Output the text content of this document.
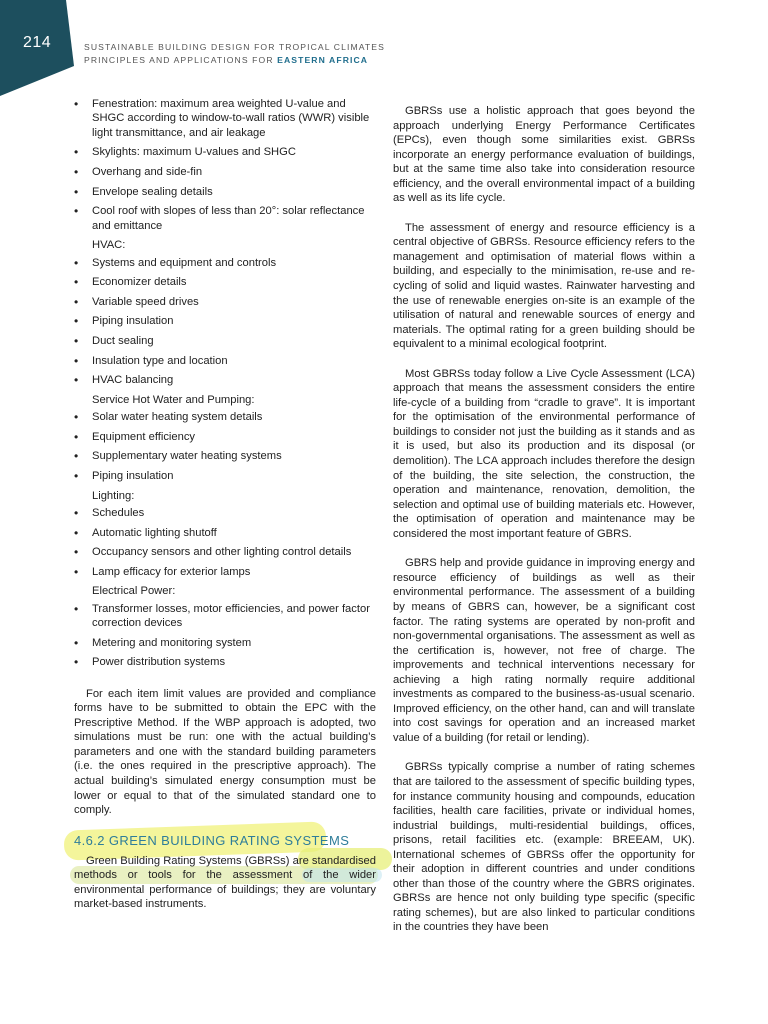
214	SUSTAINABLE BUILDING DESIGN FOR TROPICAL CLIMATES
PRINCIPLES AND APPLICATIONS FOR EASTERN AFRICA
• Fenestration: maximum area weighted U-value and SHGC according to window-to-wall ratios (WWR) visible light transmittance, and air leakage
• Skylights: maximum U-values and SHGC
• Overhang and side-fin
• Envelope sealing details
• Cool roof with slopes of less than 20°: solar reflectance and emittance
HVAC:
• Systems and equipment and controls
• Economizer details
• Variable speed drives
• Piping insulation
• Duct sealing
• Insulation type and location
• HVAC balancing
Service Hot Water and Pumping:
• Solar water heating system details
• Equipment efficiency
• Supplementary water heating systems
• Piping insulation
Lighting:
• Schedules
• Automatic lighting shutoff
• Occupancy sensors and other lighting control details
• Lamp efficacy for exterior lamps
Electrical Power:
• Transformer losses, motor efficiencies, and power factor correction devices
• Metering and monitoring system
• Power distribution systems

For each item limit values are provided and compliance forms have to be submitted to obtain the EPC with the Prescriptive Method. If the WBP approach is adopted, two simulations must be run: one with the actual building’s parameters and one with the standard building parameters (i.e. the ones required in the prescriptive approach). The actual building’s simulated energy consumption must be lower or equal to that of the simulated standard one to comply.

4.6.2 GREEN BUILDING RATING SYSTEMS

Green Building Rating Systems (GBRSs) are standardised methods or tools for the assessment of the wider environmental performance of buildings; they are voluntary market-based instruments.

GBRSs use a holistic approach that goes beyond the approach underlying Energy Performance Certificates (EPCs), even though some similarities exist. GBRSs incorporate an energy performance evaluation of buildings, but at the same time also take into consideration resource efficiency, and the overall environmental impact of a building as well as its life cycle.

The assessment of energy and resource efficiency is a central objective of GBRSs. Resource efficiency refers to the management and optimisation of material flows within a building, and especially to the minimisation, re-use and re-cycling of solid and liquid wastes. Rainwater harvesting and the use of renewable energies on-site is an example of the utilisation of natural and renewable sources of energy and materials. The optimal rating for a green building should be equivalent to a minimal ecological footprint.

Most GBRSs today follow a Live Cycle Assessment (LCA) approach that means the assessment considers the entire life-cycle of a building from “cradle to grave”. It is important for the optimisation of the environmental performance of buildings to consider not just the building as it stands and as it is used, but also its production and its disposal (or demolition). The LCA approach includes therefore the design of the building, the site selection, the construction, the operation and maintenance, renovation, demolition, the selection and optimal use of building materials etc. However, the optimisation of operation and maintenance may be considered the most important feature of GBRS.

GBRS help and provide guidance in improving energy and resource efficiency of buildings as well as their environmental performance. The assessment of a building by means of GBRS can, however, be a significant cost factor. The rating systems are operated by non-profit and non-governmental organisations. The assessment as well as the certification is, however, not free of charge. The improvements and technical interventions necessary for achieving a high rating normally require additional investments as compared to the business-as-usual scenario. Improved efficiency, on the other hand, can and will translate into cost savings for operation and an increased market value of a building (for retail or lending).

GBRSs typically comprise a number of rating schemes that are tailored to the assessment of specific building types, for instance community housing and compounds, education facilities, health care facilities, private or individual homes, industrial buildings, multi-residential buildings, offices, prisons, retail facilities etc. (example: BREEAM, UK). International schemes of GBRSs offer the opportunity for their adoption in different countries and under conditions other than those of the country where the GBRS originates. GBRSs are hence not only building type specific (specific rating schemes), but are also linked to particular conditions in the countries they have been
